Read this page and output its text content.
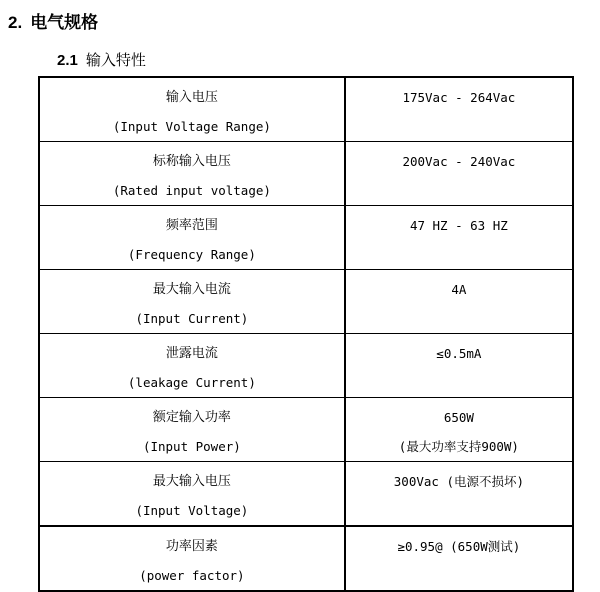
2. 电气规格
2.1 输入特性
输入电压
(Input Voltage Range)	175Vac - 264Vac

标称输入电压
(Rated input voltage)	200Vac - 240Vac

频率范围
(Frequency Range)	47 HZ - 63 HZ

最大输入电流
(Input Current)	4A

泄露电流
(leakage Current)	≤0.5mA

额定输入功率
(Input Power)	650W
(最大功率支持900W)

最大输入电压
(Input Voltage)	300Vac (电源不损坏)

功率因素
(power factor)	≥0.95@ (650W测试)
